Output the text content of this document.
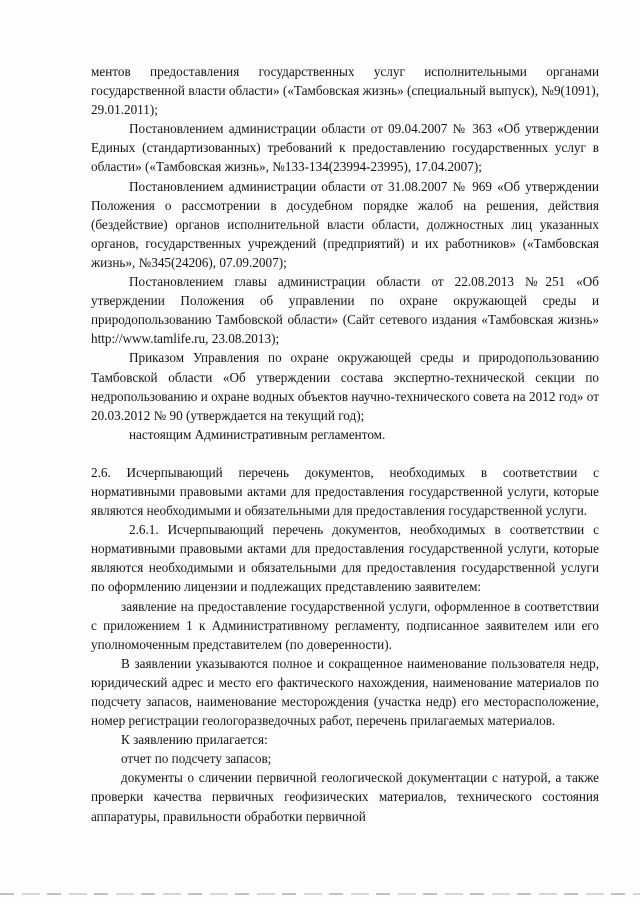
ментов предоставления государственных услуг исполнительными органами государственной власти области» («Тамбовская жизнь» (специальный выпуск), №9(1091), 29.01.2011);

Постановлением администрации области от 09.04.2007 № 363 «Об утверждении Единых (стандартизованных) требований к предоставлению государственных услуг в области» («Тамбовская жизнь», №133-134(23994-23995), 17.04.2007);

Постановлением администрации области от 31.08.2007 № 969 «Об утверждении Положения о рассмотрении в досудебном порядке жалоб на решения, действия (бездействие) органов исполнительной власти области, должностных лиц указанных органов, государственных учреждений (предприятий) и их работников» («Тамбовская жизнь», №345(24206), 07.09.2007);

Постановлением главы администрации области от 22.08.2013 №251 «Об утверждении Положения об управлении по охране окружающей среды и природопользованию Тамбовской области» (Сайт сетевого издания «Тамбовская жизнь» http://www.tamlife.ru, 23.08.2013);

Приказом Управления по охране окружающей среды и природопользованию Тамбовской области «Об утверждении состава экспертно-технической секции по недропользованию и охране водных объектов научно-технического совета на 2012 год» от 20.03.2012 № 90 (утверждается на текущий год);

настоящим Административным регламентом.

2.6. Исчерпывающий перечень документов, необходимых в соответствии с нормативными правовыми актами для предоставления государственной услуги, которые являются необходимыми и обязательными для предоставления государственной услуги.

2.6.1. Исчерпывающий перечень документов, необходимых в соответствии с нормативными правовыми актами для предоставления государственной услуги, которые являются необходимыми и обязательными для предоставления государственной услуги по оформлению лицензии и подлежащих представлению заявителем:

заявление на предоставление государственной услуги, оформленное в соответствии с приложением 1 к Административному регламенту, подписанное заявителем или его уполномоченным представителем (по доверенности).

В заявлении указываются полное и сокращенное наименование пользователя недр, юридический адрес и место его фактического нахождения, наименование материалов по подсчету запасов, наименование месторождения (участка недр) его месторасположение, номер регистрации геологоразведочных работ, перечень прилагаемых материалов.

К заявлению прилагается:

отчет по подсчету запасов;

документы о сличении первичной геологической документации с натурой, а также проверки качества первичных геофизических материалов, технического состояния аппаратуры, правильности обработки первичной
